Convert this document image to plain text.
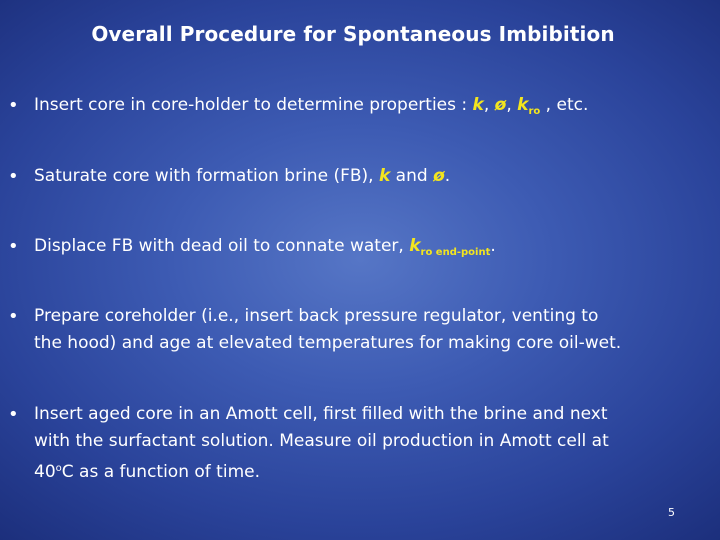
Overall Procedure for Spontaneous Imbibition
• Insert core in core-holder to determine properties : k, ø, $k_{ro}$ , etc.
• Saturate core with formation brine (FB), k and ø.
• Displace FB with dead oil to connate water, $k_{ro end-point}$.
• Prepare coreholder (i.e., insert back pressure regulator, venting to
the hood) and age at elevated temperatures for making core oil-wet.
• Insert aged core in an Amott cell, first filled with the brine and next
with the surfactant solution. Measure oil production in Amott cell at
40$^o$C as a function of time.
5
